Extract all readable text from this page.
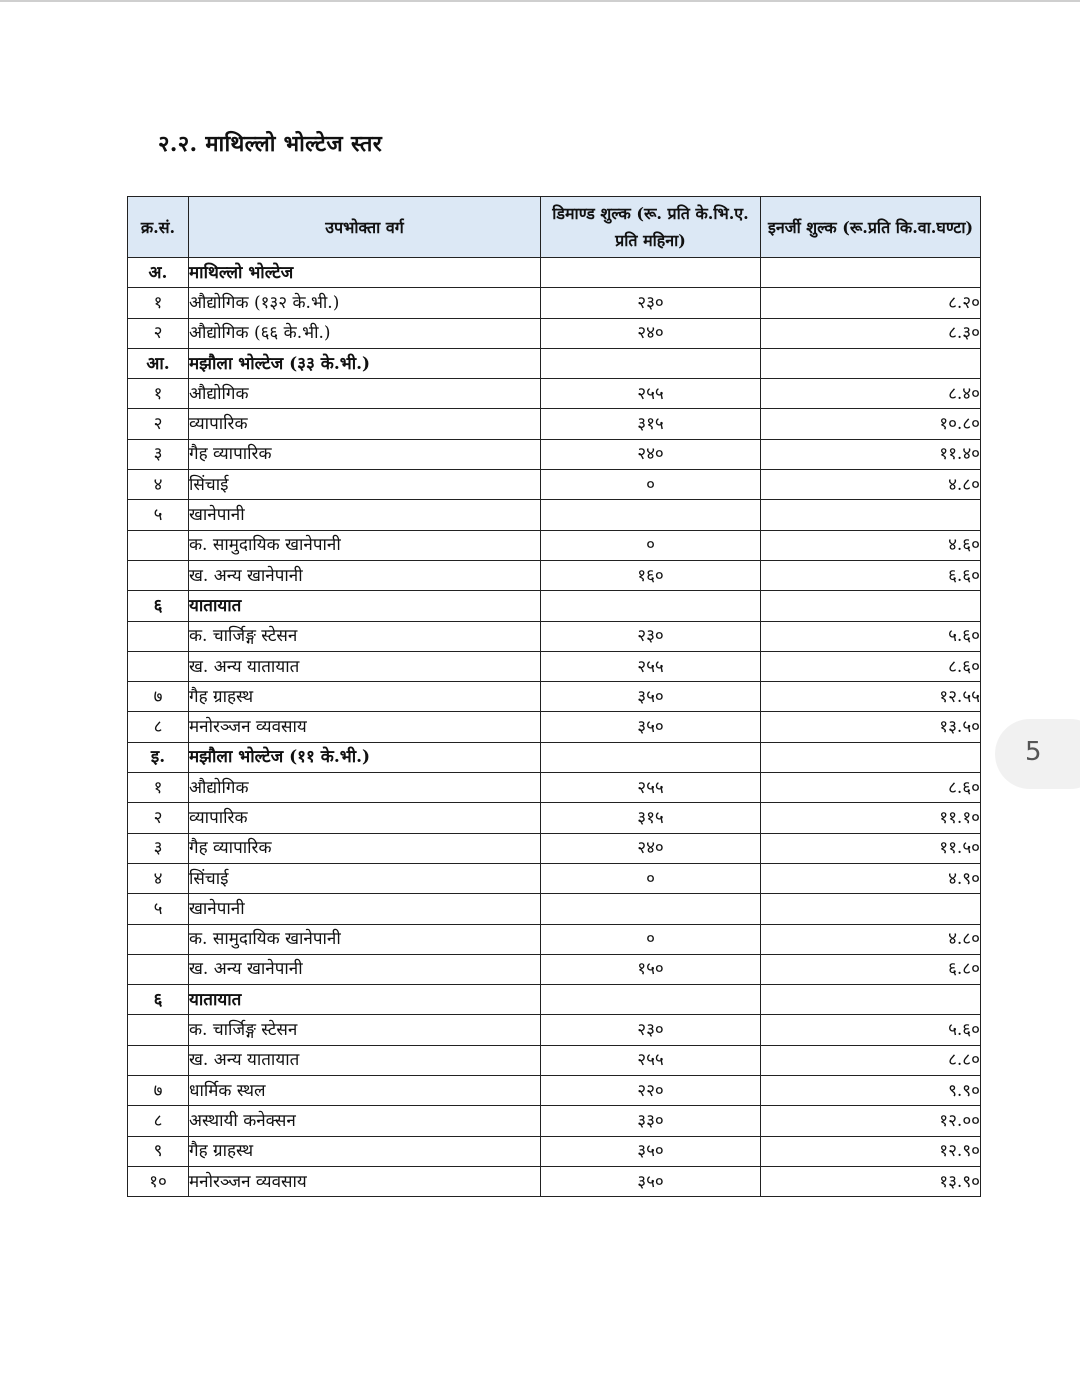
२.२. माथिल्लो भोल्टेज स्तर
क्र.सं.	उपभोक्ता वर्ग	डिमाण्ड शुल्क (रू. प्रति के.भि.ए. प्रति महिना)	इनर्जी शुल्क (रू.प्रति कि.वा.घण्टा)
अ.	माथिल्लो भोल्टेज		
१	औद्योगिक (१३२ के.भी.)	२३०	८.२०
२	औद्योगिक (६६ के.भी.)	२४०	८.३०
आ.	मझौला भोल्टेज (३३ के.भी.)		
१	औद्योगिक	२५५	८.४०
२	व्यापारिक	३१५	१०.८०
३	गैह व्यापारिक	२४०	११.४०
४	सिंचाई	०	४.८०
५	खानेपानी		
	क. सामुदायिक खानेपानी	०	४.६०
	ख. अन्य खानेपानी	१६०	६.६०
६	यातायात		
	क. चार्जिङ्ग स्टेसन	२३०	५.६०
	ख. अन्य यातायात	२५५	८.६०
७	गैह ग्राहस्थ	३५०	१२.५५
८	मनोरञ्जन व्यवसाय	३५०	१३.५०
इ.	मझौला भोल्टेज (११ के.भी.)		
१	औद्योगिक	२५५	८.६०
२	व्यापारिक	३१५	११.१०
३	गैह व्यापारिक	२४०	११.५०
४	सिंचाई	०	४.९०
५	खानेपानी		
	क. सामुदायिक खानेपानी	०	४.८०
	ख. अन्य खानेपानी	१५०	६.८०
६	यातायात		
	क. चार्जिङ्ग स्टेसन	२३०	५.६०
	ख. अन्य यातायात	२५५	८.८०
७	धार्मिक स्थल	२२०	९.९०
८	अस्थायी कनेक्सन	३३०	१२.००
९	गैह ग्राहस्थ	३५०	१२.९०
१०	मनोरञ्जन व्यवसाय	३५०	१३.९०
5
